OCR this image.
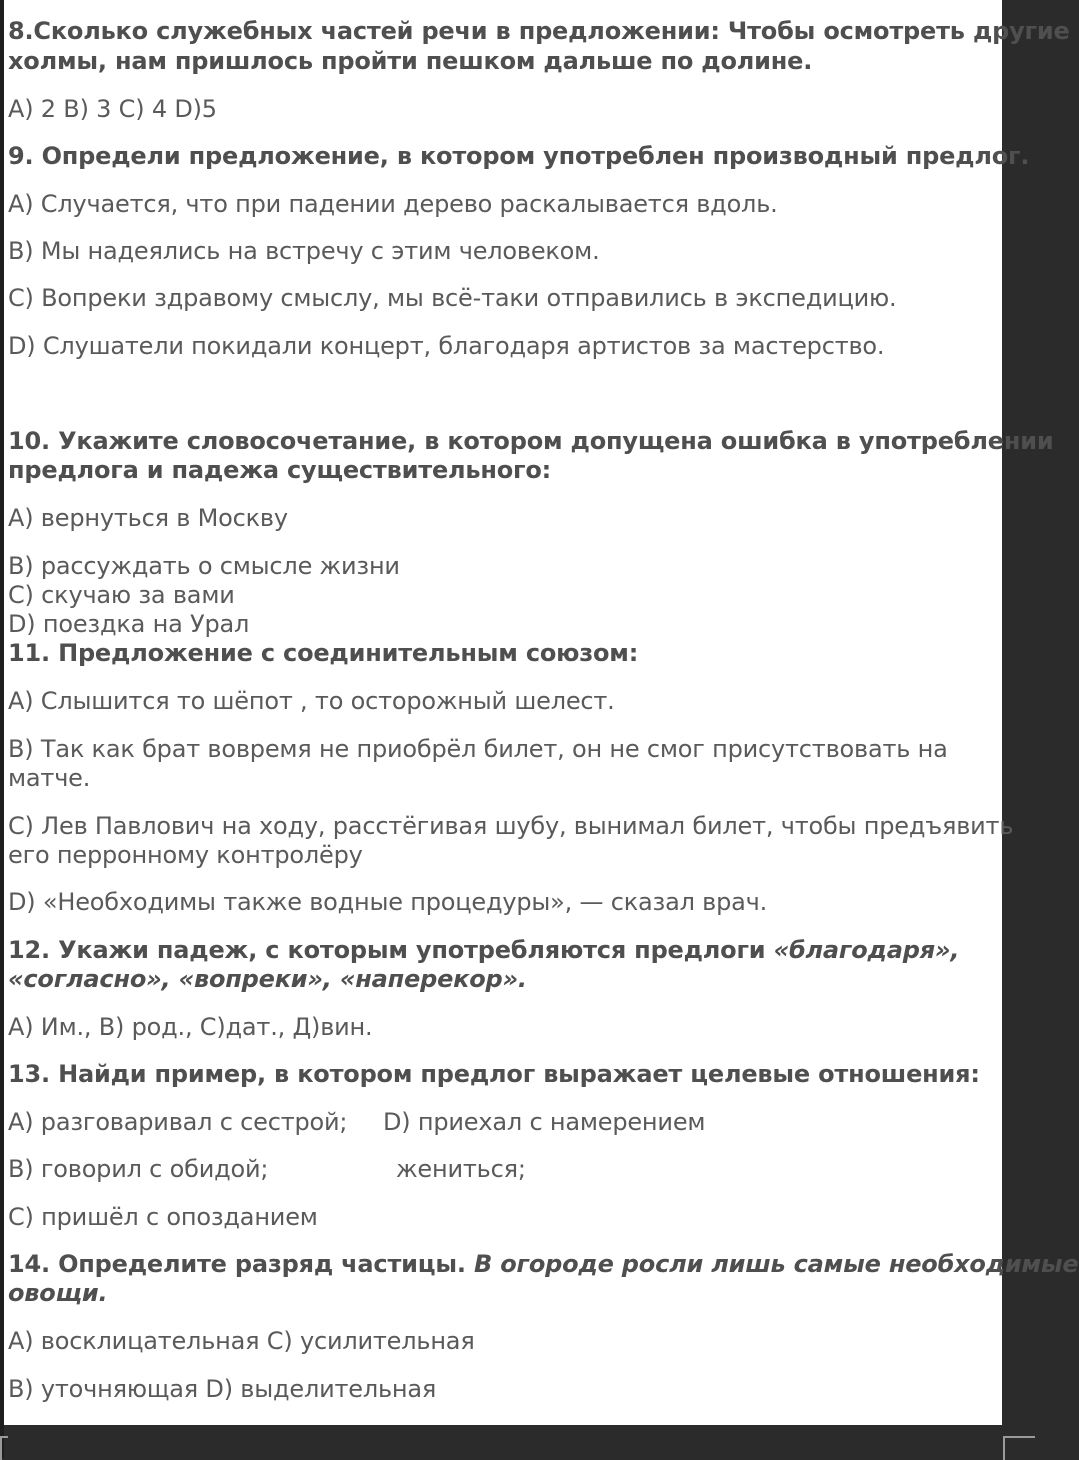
8.Сколько служебных частей речи в предложении: Чтобы осмотреть другие
холмы, нам пришлось пройти пешком дальше по долине.
A) 2 B) 3 C) 4 D)5
9. Определи предложение, в котором употреблен производный предлог.
A) Случается, что при падении дерево раскалывается вдоль.
B) Мы надеялись на встречу с этим человеком.
C) Вопреки здравому смыслу, мы всё-таки отправились в экспедицию.
D) Слушатели покидали концерт, благодаря артистов за мастерство.
10. Укажите словосочетание, в котором допущена ошибка в употреблении
предлога и падежа существительного:
A) вернуться в Москву
B) рассуждать о смысле жизни
C) скучаю за вами
D) поездка на Урал
11. Предложение с соединительным союзом:
A) Слышится то шёпот , то осторожный шелест.
B) Так как брат вовремя не приобрёл билет, он не смог присутствовать на
матче.
C) Лев Павлович на ходу, расстёгивая шубу, вынимал билет, чтобы предъявить
его перронному контролёру
D) «Необходимы также водные процедуры», — сказал врач.
12. Укажи падеж, с которым употребляются предлоги «благодаря»,
«согласно», «вопреки», «наперекор».
A) Им., B) род., C)дат., Д)вин.
13. Найди пример, в котором предлог выражает целевые отношения:
A) разговаривал с сестрой; D) приехал с намерением
B) говорил с обидой;	жениться;
C) пришёл с опозданием
14. Определите разряд частицы. В огороде росли лишь самые необходимые
овощи.
A) восклицательная C) усилительная
B) уточняющая D) выделительная
